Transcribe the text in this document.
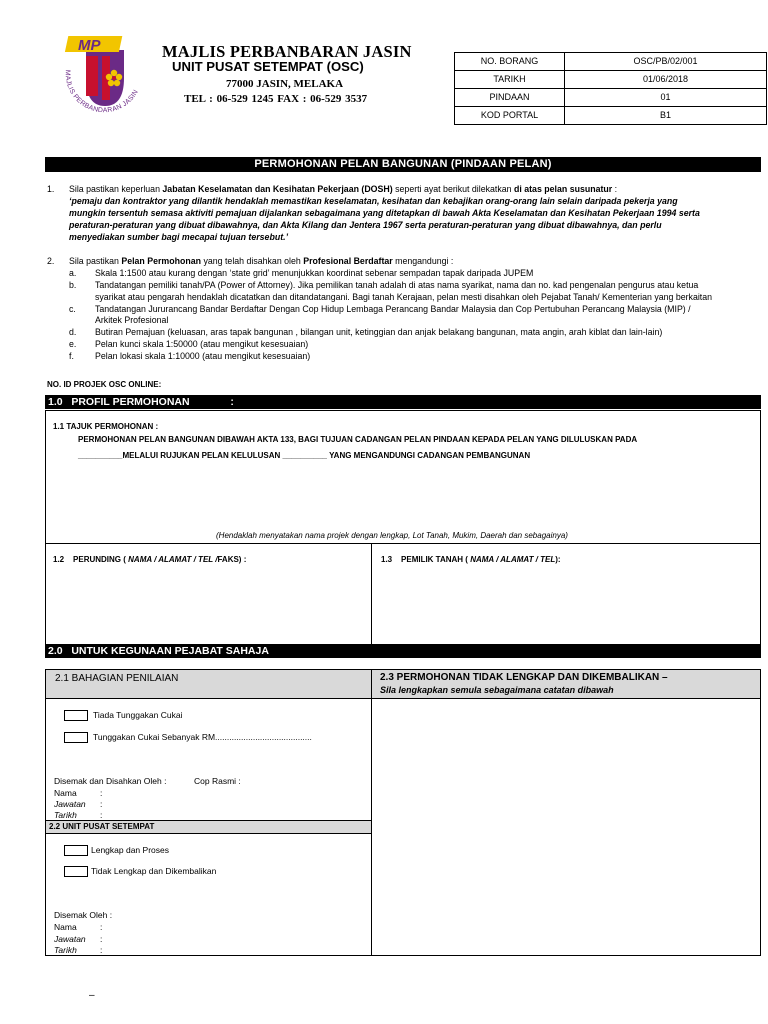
MP
MAJLIS PERBANDARAN JASIN
MAJLIS PERBANBARAN JASIN
UNIT PUSAT SETEMPAT (OSC)
77000 JASIN, MELAKA
TEL : 06-529 1245 FAX : 06-529 3537
NO. BORANG	OSC/PB/02/001
TARIKH	01/06/2018
PINDAAN	01
KOD PORTAL	B1
PERMOHONAN PELAN BANGUNAN (PINDAAN PELAN)
1. Sila pastikan keperluan Jabatan Keselamatan dan Kesihatan Pekerjaan (DOSH) seperti ayat berikut dilekatkan di atas pelan susunatur :
‘pemaju dan kontraktor yang dilantik hendaklah memastikan keselamatan, kesihatan dan kebajikan orang-orang lain selain daripada pekerja yang
mungkin tersentuh semasa aktiviti pemajuan dijalankan sebagaimana yang ditetapkan di bawah Akta Keselamatan dan Kesihatan Pekerjaan 1994 serta
peraturan-peraturan yang dibuat dibawahnya, dan Akta Kilang dan Jentera 1967 serta peraturan-peraturan yang dibuat dibawahnya, dan perlu
menyediakan sumber bagi mecapai tujuan tersebut.’
2. Sila pastikan Pelan Permohonan yang telah disahkan oleh Profesional Berdaftar mengandungi :
a. Skala 1:1500 atau kurang dengan ‘state grid’ menunjukkan koordinat sebenar sempadan tapak daripada JUPEM
b. Tandatangan pemiliki tanah/PA (Power of Attorney). Jika pemilikan tanah adalah di atas nama syarikat, nama dan no. kad pengenalan pengurus atau ketua
syarikat atau pengarah hendaklah dicatatkan dan ditandatangani. Bagi tanah Kerajaan, pelan mesti disahkan oleh Pejabat Tanah/ Kementerian yang berkaitan
c. Tandatangan Jururancang Bandar Berdaftar Dengan Cop Hidup Lembaga Perancang Bandar Malaysia dan Cop Pertubuhan Perancang Malaysia (MIP) /
Arkitek Profesional
d. Butiran Pemajuan (keluasan, aras tapak bangunan , bilangan unit, ketinggian dan anjak belakang bangunan, mata angin, arah kiblat dan lain-lain)
e. Pelan kunci skala 1:50000 (atau mengikut kesesuaian)
f. Pelan lokasi skala 1:10000 (atau mengikut kesesuaian)
NO. ID PROJEK OSC ONLINE:
1.0   PROFIL PERMOHONAN              :
1.1 TAJUK PERMOHONAN :
PERMOHONAN PELAN BANGUNAN DIBAWAH AKTA 133, BAGI TUJUAN CADANGAN PELAN PINDAAN KEPADA PELAN YANG DILULUSKAN PADA
__________MELALUI RUJUKAN PELAN KELULUSAN __________ YANG MENGANDUNGI CADANGAN PEMBANGUNAN
(Hendaklah menyatakan nama projek dengan lengkap, Lot Tanah, Mukim, Daerah dan sebagainya)
1.2 PERUNDING ( NAMA / ALAMAT / TEL /FAKS) :	1.3 PEMILIK TANAH ( NAMA / ALAMAT / TEL):
2.0   UNTUK KEGUNAAN PEJABAT SAHAJA
2.1 BAHAGIAN PENILAIAN	2.3 PERMOHONAN TIDAK LENGKAP DAN DIKEMBALIKAN –
Sila lengkapkan semula sebagaimana catatan dibawah
Tiada Tunggakan Cukai
Tunggakan Cukai Sebanyak RM.........................................
Disemak dan Disahkan Oleh :	Cop Rasmi :
Nama	:
Jawatan :
Tarikh	:
2.2 UNIT PUSAT SETEMPAT
Lengkap dan Proses
Tidak Lengkap dan Dikembalikan
Disemak Oleh :
Nama	:
Jawatan :
Tarikh	:
–
